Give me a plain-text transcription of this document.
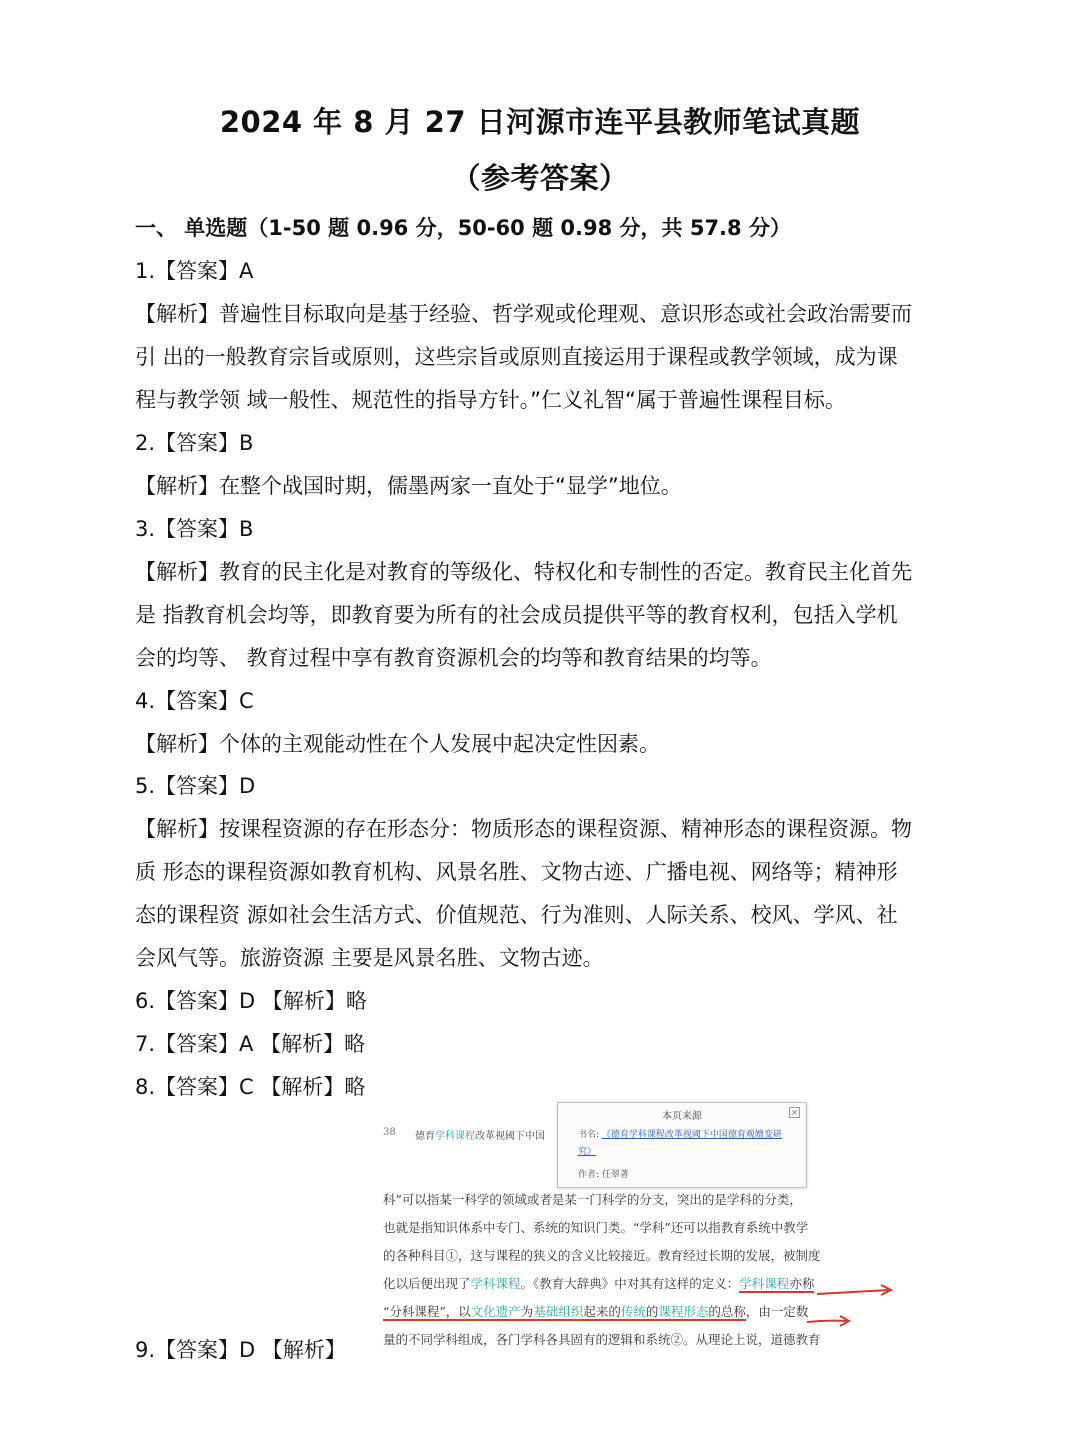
2024 年 8 月 27 日河源市连平县教师笔试真题
（参考答案）
一、 单选题（1-50 题 0.96 分，50-60 题 0.98 分，共 57.8 分）
1.【答案】A
【解析】普遍性目标取向是基于经验、哲学观或伦理观、意识形态或社会政治需要而
引 出的一般教育宗旨或原则，这些宗旨或原则直接运用于课程或教学领域，成为课
程与教学领 域一般性、规范性的指导方针。”仁义礼智“属于普遍性课程目标。
2.【答案】B
【解析】在整个战国时期，儒墨两家一直处于“显学”地位。
3.【答案】B
【解析】教育的民主化是对教育的等级化、特权化和专制性的否定。教育民主化首先
是 指教育机会均等，即教育要为所有的社会成员提供平等的教育权利，包括入学机
会的均等、 教育过程中享有教育资源机会的均等和教育结果的均等。
4.【答案】C
【解析】个体的主观能动性在个人发展中起决定性因素。
5.【答案】D
【解析】按课程资源的存在形态分：物质形态的课程资源、精神形态的课程资源。物
质 形态的课程资源如教育机构、风景名胜、文物古迹、广播电视、网络等；精神形
态的课程资 源如社会生活方式、价值规范、行为准则、人际关系、校风、学风、社
会风气等。旅游资源 主要是风景名胜、文物古迹。
6.【答案】D 【解析】略
7.【答案】A 【解析】略
8.【答案】C 【解析】略
38 德育学科课程改革视阈下中国
本页来源	×
书名: 《德育学科课程改革视阈下中国德育观嬗变研究》
作者: 任翠著
科”可以指某一科学的领域或者是某一门科学的分支，突出的是学科的分类，
也就是指知识体系中专门、系统的知识门类。“学科”还可以指教育系统中教学
的各种科目①，这与课程的狭义的含义比较接近。教育经过长期的发展，被制度
化以后便出现了学科课程。《教育大辞典》中对其有这样的定义：学科课程亦称
“分科课程”，以文化遗产为基础组织起来的传统的课程形态的总称，由一定数
量的不同学科组成，各门学科各具固有的逻辑和系统②。从理论上说，道德教育
9.【答案】D 【解析】
